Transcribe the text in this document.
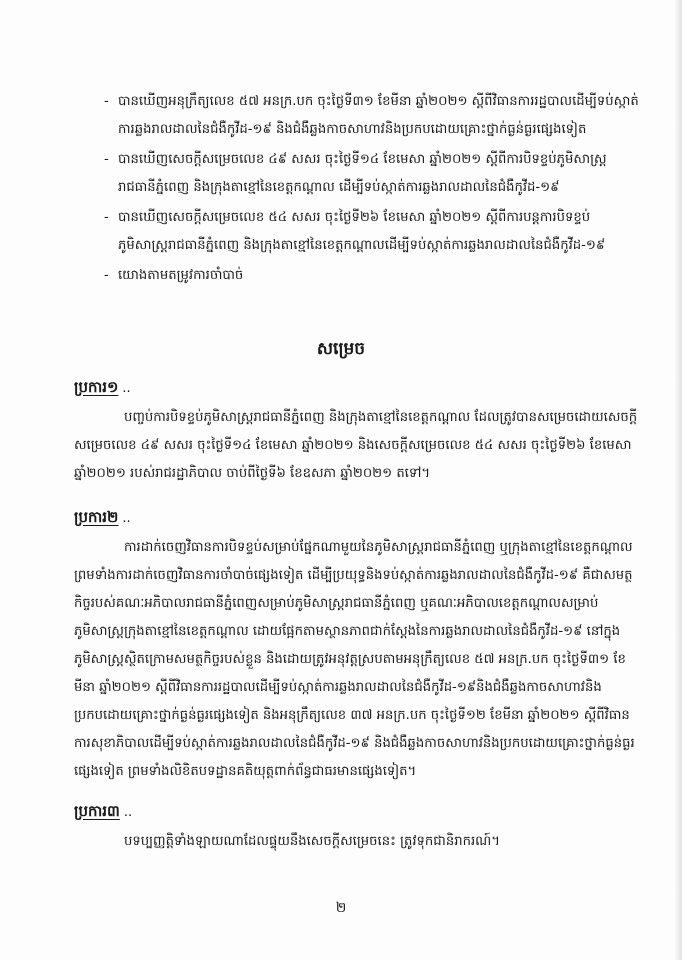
- បានឃើញអនុក្រឹត្យលេខ ៥៧ អនក្រ.បក ចុះថ្ងៃទី៣១ ខែមីនា ឆ្នាំ២០២១ ស្តីពីវិធានការរដ្ឋបាលដើម្បីទប់ស្កាត់ការឆ្លងរាលដាលនៃជំងឺកូវីដ-១៩ និងជំងឺឆ្លងកាចសាហាវនិងប្រកបដោយគ្រោះថ្នាក់ធ្ងន់ធ្ងរផ្សេងទៀត
- បានឃើញសេចក្តីសម្រេចលេខ ៤៩ សសរ ចុះថ្ងៃទី១៤ ខែមេសា ឆ្នាំ២០២១ ស្តីពីការបិទខ្ទប់ភូមិសាស្ត្ររាជធានីភ្នំពេញ និងក្រុងតាខ្មៅនៃខេត្តកណ្តាល ដើម្បីទប់ស្កាត់ការឆ្លងរាលដាលនៃជំងឺកូវីដ-១៩
- បានឃើញសេចក្តីសម្រេចលេខ ៥៤ សសរ ចុះថ្ងៃទី២៦ ខែមេសា ឆ្នាំ២០២១ ស្តីពីការបន្តការបិទខ្ទប់ភូមិសាស្ត្ររាជធានីភ្នំពេញ និងក្រុងតាខ្មៅនៃខេត្តកណ្តាលដើម្បីទប់ស្កាត់ការឆ្លងរាលដាលនៃជំងឺកូវីដ-១៩
- យោងតាមតម្រូវការចាំបាច់
សម្រេច
ប្រការ១ ..
បញ្ចប់ការបិទខ្ទប់ភូមិសាស្ត្ររាជធានីភ្នំពេញ និងក្រុងតាខ្មៅនៃខេត្តកណ្តាល ដែលត្រូវបានសម្រេចដោយសេចក្តីសម្រេចលេខ ៤៩ សសរ ចុះថ្ងៃទី១៤ ខែមេសា ឆ្នាំ២០២១ និងសេចក្តីសម្រេចលេខ ៥៤ សសរ ចុះថ្ងៃទី២៦ ខែមេសា ឆ្នាំ២០២១ របស់រាជរដ្ឋាភិបាល ចាប់ពីថ្ងៃទី៦ ខែឧសភា ឆ្នាំ២០២១ តទៅ។
ប្រការ២ ..
ការដាក់ចេញវិធានការបិទខ្ទប់សម្រាប់ផ្នែកណាមួយនៃភូមិសាស្ត្ររាជធានីភ្នំពេញ ឬក្រុងតាខ្មៅនៃខេត្តកណ្តាល ព្រមទាំងការដាក់ចេញវិធានការចាំបាច់ផ្សេងទៀត ដើម្បីប្រយុទ្ធនិងទប់ស្កាត់ការឆ្លងរាលដាលនៃជំងឺកូវីដ-១៩ គឺជាសមត្ថកិច្ចរបស់គណៈអភិបាលរាជធានីភ្នំពេញសម្រាប់ភូមិសាស្ត្ររាជធានីភ្នំពេញ ឬគណៈអភិបាលខេត្តកណ្តាលសម្រាប់ភូមិសាស្ត្រក្រុងតាខ្មៅនៃខេត្តកណ្តាល ដោយផ្អែកតាមស្ថានភាពជាក់ស្តែងនៃការឆ្លងរាលដាលនៃជំងឺកូវីដ-១៩ នៅក្នុងភូមិសាស្ត្រស្ថិតក្រោមសមត្ថកិច្ចរបស់ខ្លួន និងដោយត្រូវអនុវត្តស្របតាមអនុក្រឹត្យលេខ ៥៧ អនក្រ.បក ចុះថ្ងៃទី៣១ ខែមីនា ឆ្នាំ២០២១ ស្តីពីវិធានការរដ្ឋបាលដើម្បីទប់ស្កាត់ការឆ្លងរាលដាលនៃជំងឺកូវីដ-១៩និងជំងឺឆ្លងកាចសាហាវនិងប្រកបដោយគ្រោះថ្នាក់ធ្ងន់ធ្ងរផ្សេងទៀត និងអនុក្រឹត្យលេខ ៣៧ អនក្រ.បក ចុះថ្ងៃទី១២ ខែមីនា ឆ្នាំ២០២១ ស្តីពីវិធានការសុខាភិបាលដើម្បីទប់ស្កាត់ការឆ្លងរាលដាលនៃជំងឺកូវីដ-១៩ និងជំងឺឆ្លងកាចសាហាវនិងប្រកបដោយគ្រោះថ្នាក់ធ្ងន់ធ្ងរផ្សេងទៀត ព្រមទាំងលិខិតបទដ្ឋានគតិយុត្តពាក់ព័ន្ធជាធរមានផ្សេងទៀត។
ប្រការ៣ ..
បទប្បញ្ញត្តិទាំងឡាយណាដែលផ្ទុយនឹងសេចក្តីសម្រេចនេះ ត្រូវទុកជានិរាករណ៍។
២
